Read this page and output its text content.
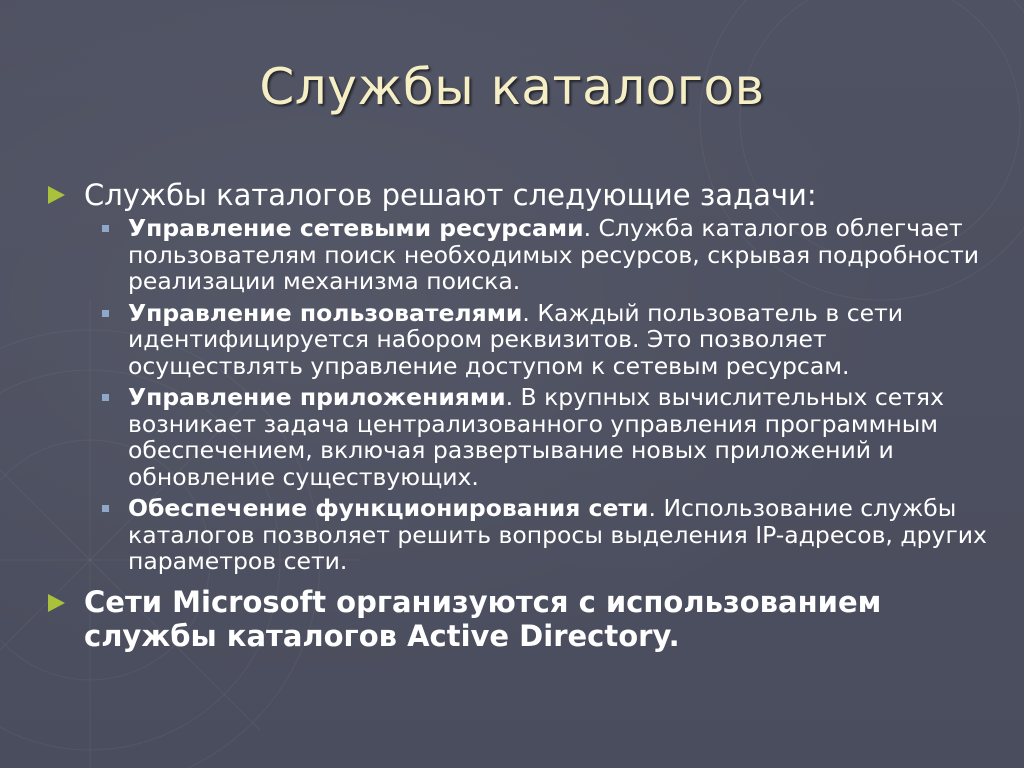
Службы каталогов
Службы каталогов решают следующие задачи:
Управление сетевыми ресурсами. Служба каталогов облегчает пользователям поиск необходимых ресурсов, скрывая подробности реализации механизма поиска.
Управление пользователями. Каждый пользователь в сети идентифицируется набором реквизитов. Это позволяет осуществлять управление доступом к сетевым ресурсам.
Управление приложениями. В крупных вычислительных сетях возникает задача централизованного управления программным обеспечением, включая развертывание новых приложений и обновление существующих.
Обеспечение функционирования сети. Использование службы каталогов позволяет решить вопросы выделения IP-адресов, других параметров сети.
Сети Microsoft организуются с использованием службы каталогов Active Directory.
